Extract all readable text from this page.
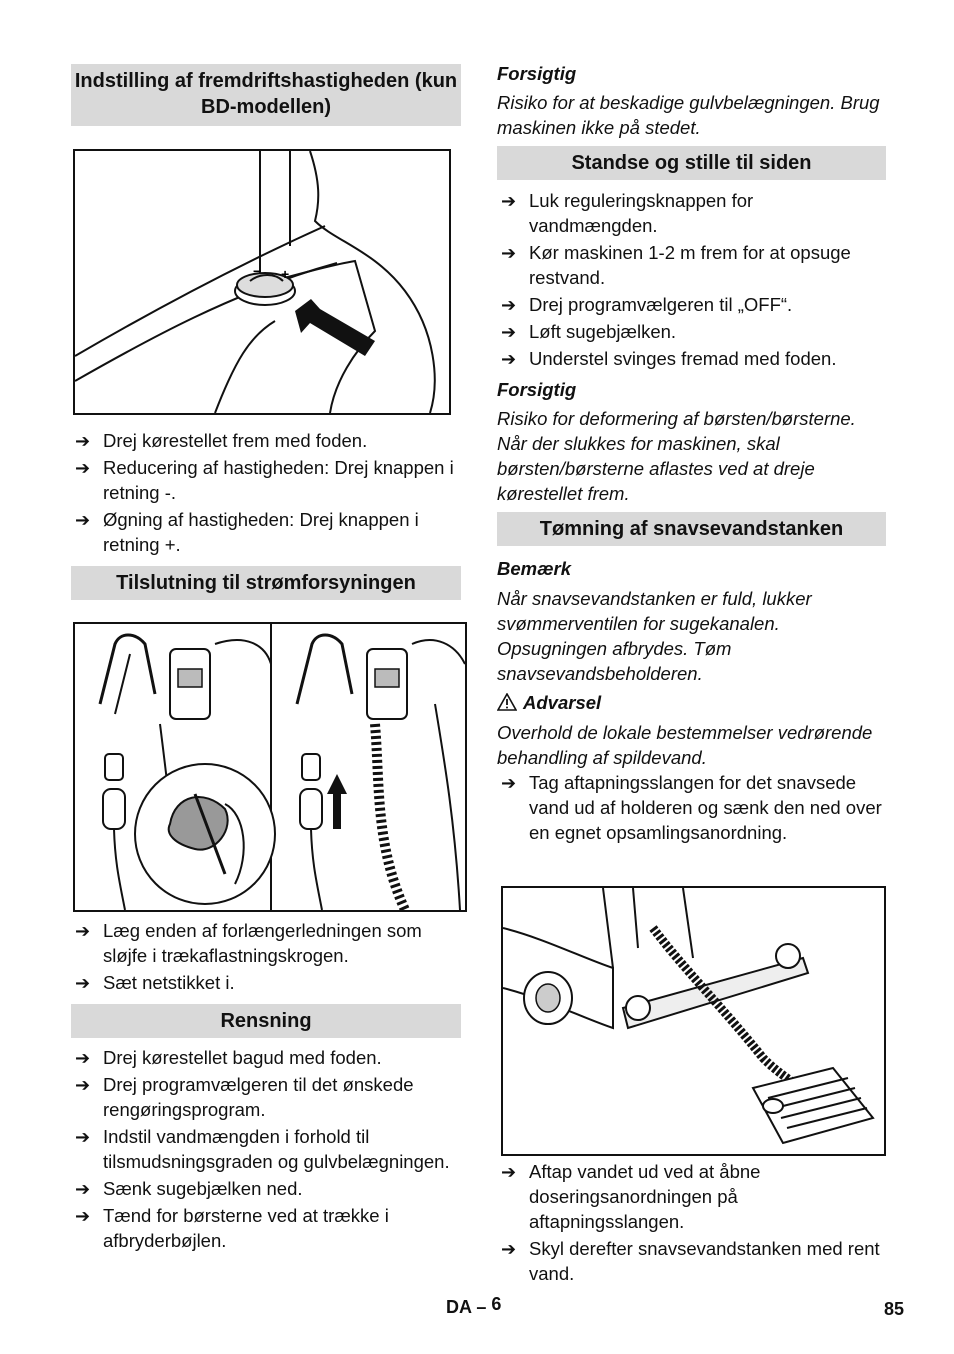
Indstilling af fremdriftshastigheden (kun BD-modellen)
− +
➔ Drej kørestellet frem med foden.
➔ Reducering af hastigheden: Drej knappen i retning -.
➔ Øgning af hastigheden: Drej knappen i retning +.
Tilslutning til strømforsyningen
➔ Læg enden af forlængerledningen som sløjfe i trækaflastningskrogen.
➔ Sæt netstikket i.
Rensning
➔ Drej kørestellet bagud med foden.
➔ Drej programvælgeren til det ønskede rengøringsprogram.
➔ Indstil vandmængden i forhold til tilsmudsningsgraden og gulvbelægningen.
➔ Sænk sugebjælken ned.
➔ Tænd for børsterne ved at trække i afbryderbøjlen.
Forsigtig

Risiko for at beskadige gulvbelægningen. Brug maskinen ikke på stedet.

Standse og stille til siden
➔ Luk reguleringsknappen for vandmængden.
➔ Kør maskinen 1-2 m frem for at opsuge restvand.
➔ Drej programvælgeren til „OFF“.
➔ Løft sugebjælken.
➔ Understel svinges fremad med foden.
Forsigtig

Risiko for deformering af børsten/børsterne. Når der slukkes for maskinen, skal børsten/børsterne aflastes ved at dreje kørestellet frem.

Tømning af snavsevandstanken
Bemærk

Når snavsevandstanken er fuld, lukker svømmerventilen for sugekanalen. Opsugningen afbrydes. Tøm snavsevandsbeholderen.

Advarsel

Overhold de lokale bestemmelser vedrørende behandling af spildevand.

➔ Tag aftapningsslangen for det snavsede vand ud af holderen og sænk den ned over en egnet opsamlingsanordning.
➔ Aftap vandet ud ved at åbne doseringsanordningen på aftapningsslangen.
➔ Skyl derefter snavsevandstanken med rent vand.
DA – 6	85
